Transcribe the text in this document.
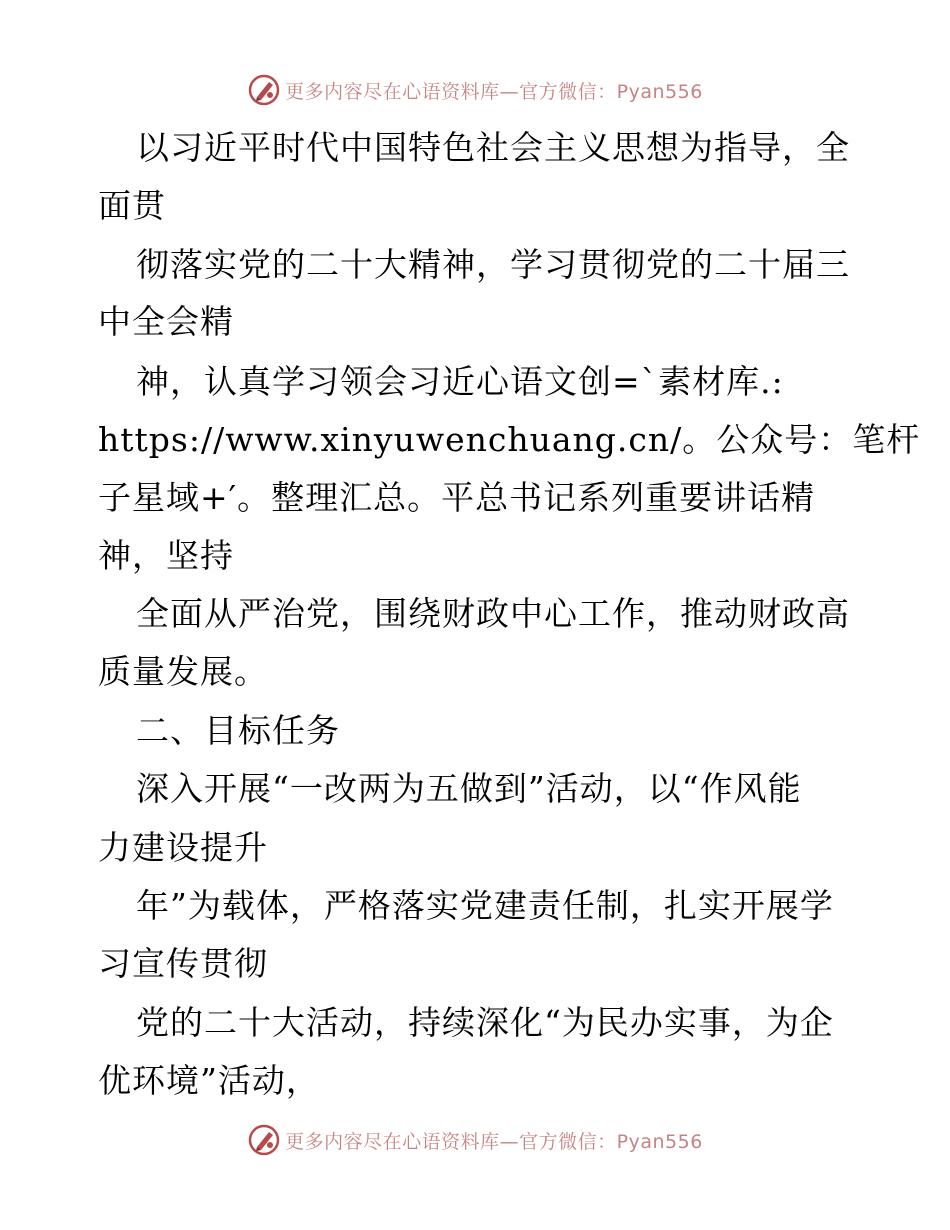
更多内容尽在心语资料库—官方微信：Pyan556
以习近平时代中国特色社会主义思想为指导，全
面贯
彻落实党的二十大精神，学习贯彻党的二十届三
中全会精
神，认真学习领会习近心语文创=`素材库.:
https://www.xinyuwenchuang.cn/。公众号：笔杆
子星域+′。整理汇总。平总书记系列重要讲话精
神，坚持
全面从严治党，围绕财政中心工作，推动财政高
质量发展。
二、目标任务
深入开展“一改两为五做到”活动，以“作风能
力建设提升
年”为载体，严格落实党建责任制，扎实开展学
习宣传贯彻
党的二十大活动，持续深化“为民办实事，为企
优环境”活动，
更多内容尽在心语资料库—官方微信：Pyan556
